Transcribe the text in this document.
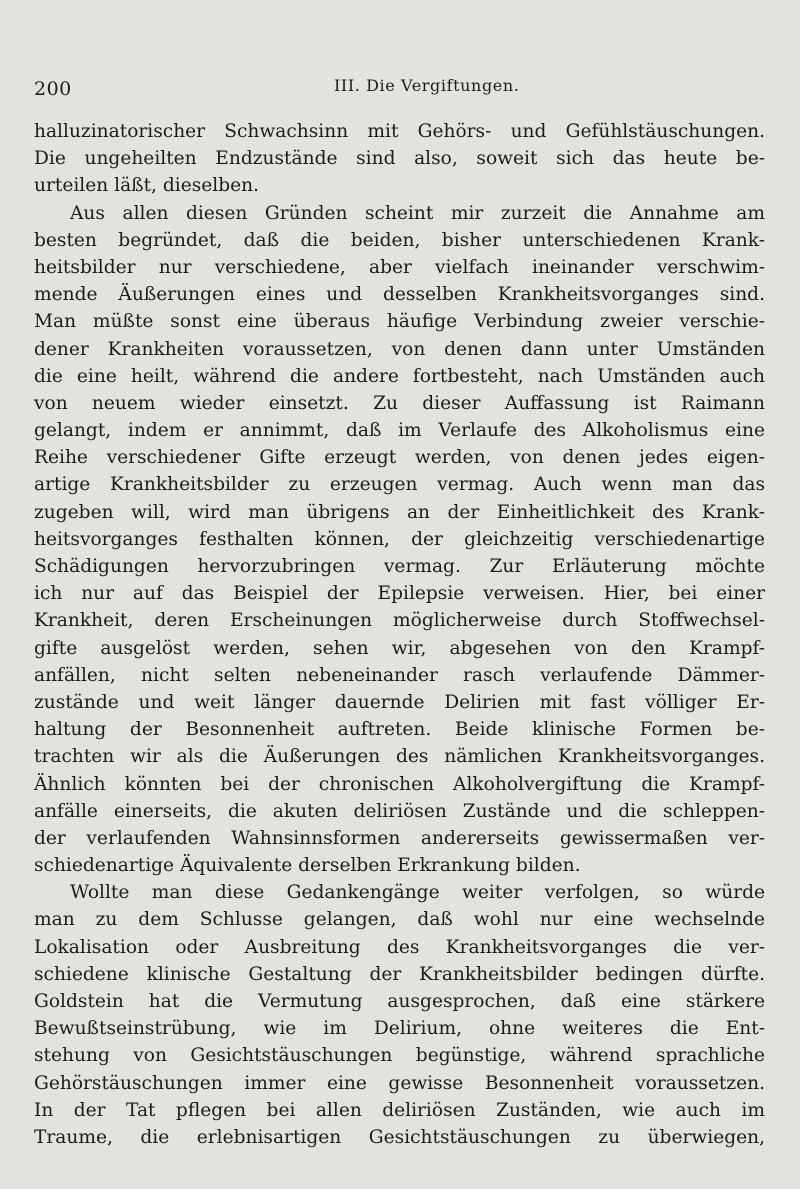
200	III. Die Vergiftungen.
halluzinatorischer Schwachsinn mit Gehörs- und Gefühlstäuschungen.
Die ungeheilten Endzustände sind also, soweit sich das heute be-
urteilen läßt, dieselben.
Aus allen diesen Gründen scheint mir zurzeit die Annahme am
besten begründet, daß die beiden, bisher unterschiedenen Krank-
heitsbilder nur verschiedene, aber vielfach ineinander verschwim-
mende Äußerungen eines und desselben Krankheitsvorganges sind.
Man müßte sonst eine überaus häufige Verbindung zweier verschie-
dener Krankheiten voraussetzen, von denen dann unter Umständen
die eine heilt, während die andere fortbesteht, nach Umständen auch
von neuem wieder einsetzt. Zu dieser Auffassung ist Raimann
gelangt, indem er annimmt, daß im Verlaufe des Alkoholismus eine
Reihe verschiedener Gifte erzeugt werden, von denen jedes eigen-
artige Krankheitsbilder zu erzeugen vermag. Auch wenn man das
zugeben will, wird man übrigens an der Einheitlichkeit des Krank-
heitsvorganges festhalten können, der gleichzeitig verschiedenartige
Schädigungen hervorzubringen vermag. Zur Erläuterung möchte
ich nur auf das Beispiel der Epilepsie verweisen. Hier, bei einer
Krankheit, deren Erscheinungen möglicherweise durch Stoffwechsel-
gifte ausgelöst werden, sehen wir, abgesehen von den Krampf-
anfällen, nicht selten nebeneinander rasch verlaufende Dämmer-
zustände und weit länger dauernde Delirien mit fast völliger Er-
haltung der Besonnenheit auftreten. Beide klinische Formen be-
trachten wir als die Äußerungen des nämlichen Krankheitsvorganges.
Ähnlich könnten bei der chronischen Alkoholvergiftung die Krampf-
anfälle einerseits, die akuten deliriösen Zustände und die schleppen-
der verlaufenden Wahnsinnsformen andererseits gewissermaßen ver-
schiedenartige Äquivalente derselben Erkrankung bilden.
Wollte man diese Gedankengänge weiter verfolgen, so würde
man zu dem Schlusse gelangen, daß wohl nur eine wechselnde
Lokalisation oder Ausbreitung des Krankheitsvorganges die ver-
schiedene klinische Gestaltung der Krankheitsbilder bedingen dürfte.
Goldstein hat die Vermutung ausgesprochen, daß eine stärkere
Bewußtseinstrübung, wie im Delirium, ohne weiteres die Ent-
stehung von Gesichtstäuschungen begünstige, während sprachliche
Gehörstäuschungen immer eine gewisse Besonnenheit voraussetzen.
In der Tat pflegen bei allen deliriösen Zuständen, wie auch im
Traume, die erlebnisartigen Gesichtstäuschungen zu überwiegen,
